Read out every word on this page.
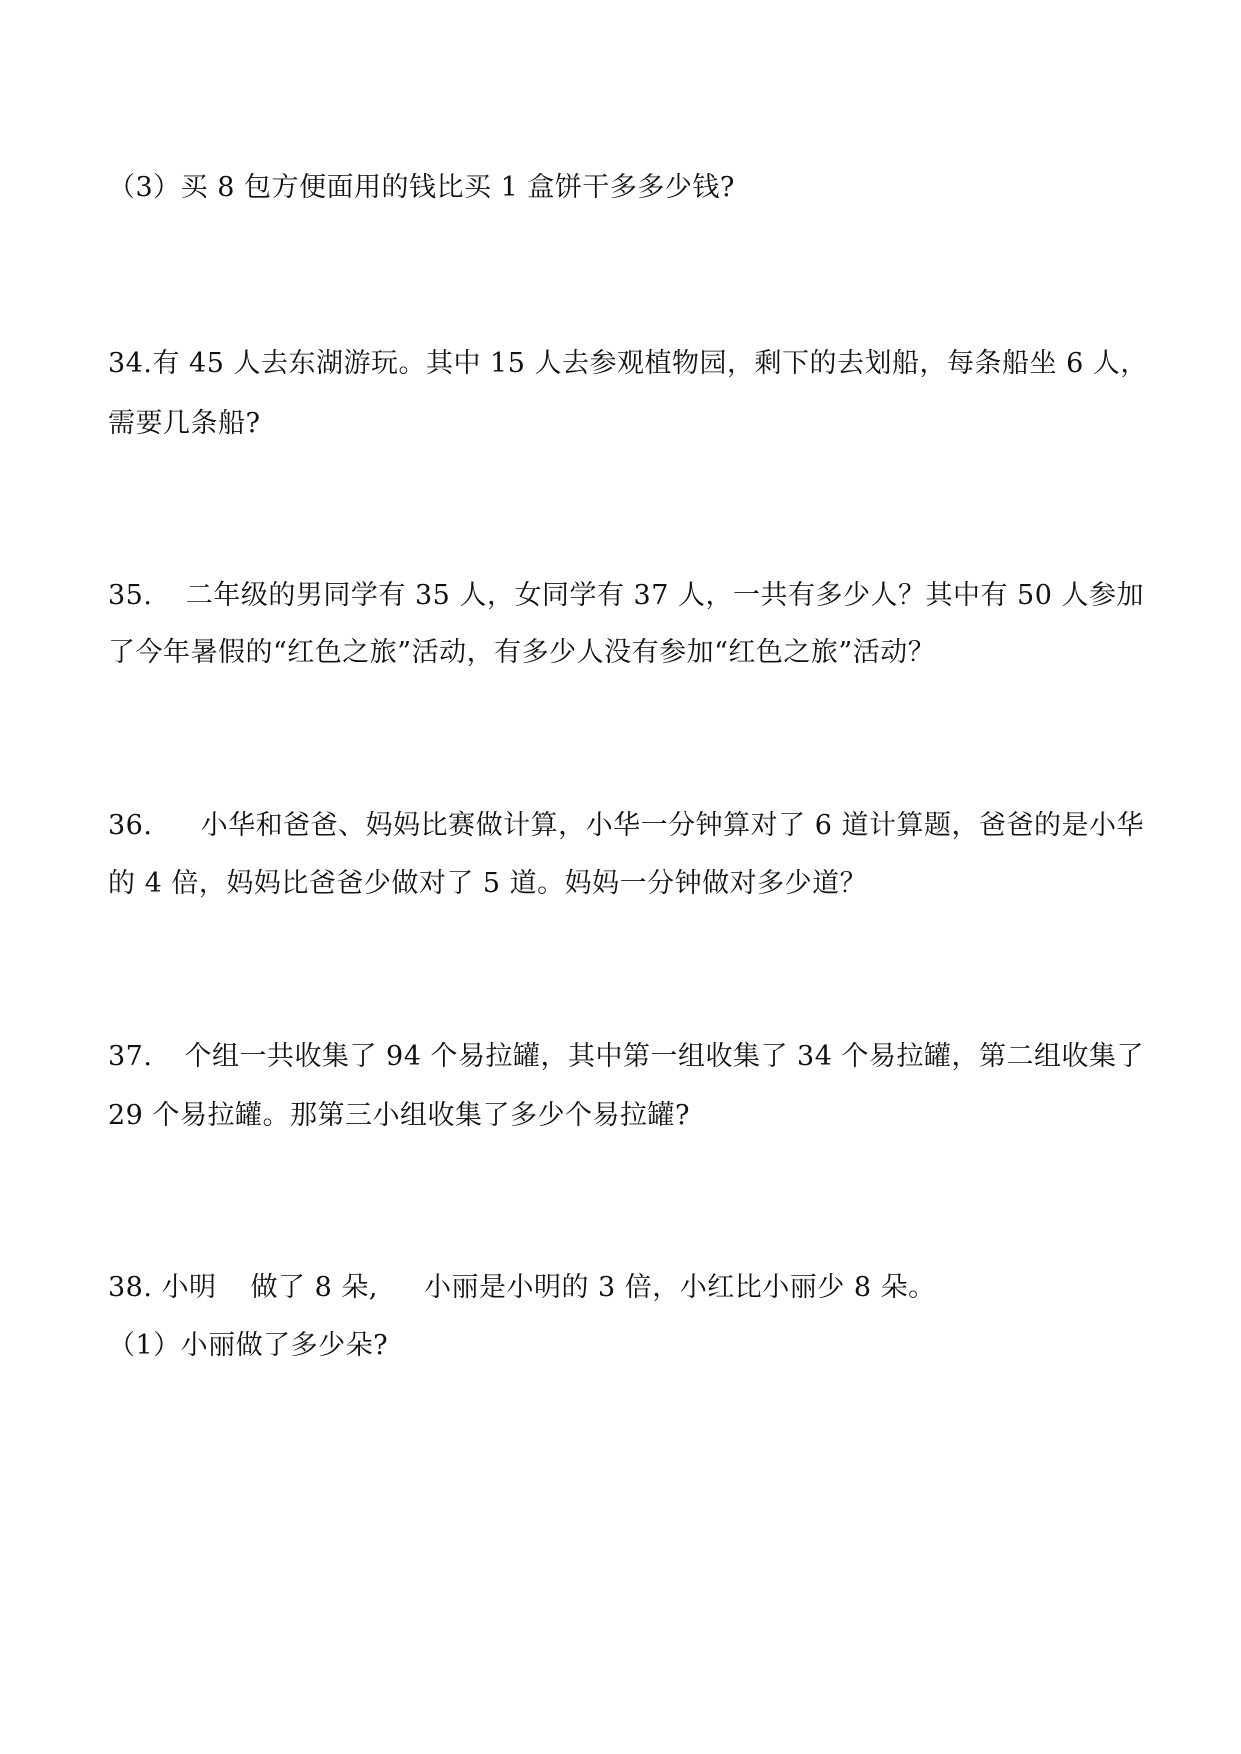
（3）买 8 包方便面用的钱比买 1 盒饼干多多少钱?
34. 有 45 人去东湖游玩。其中 15 人去参观植物园，剩下的去划船，每条船坐 6 人，
需要几条船?
35. 二年级的男同学有 35 人，女同学有 37 人，一共有多少人？其中有 50 人参加
了今年暑假的“红色之旅”活动，有多少人没有参加“红色之旅”活动？
36. 小华和爸爸、妈妈比赛做计算，小华一分钟算对了 6 道计算题，爸爸的是小华
的 4 倍，妈妈比爸爸少做对了 5 道。妈妈一分钟做对多少道？
37. 个组一共收集了 94 个易拉罐，其中第一组收集了 34 个易拉罐，第二组收集了
29 个易拉罐。那第三小组收集了多少个易拉罐?
38. 小明 做了 8 朵, 小丽是小明的 3 倍，小红比小丽少 8 朵。
（1）小丽做了多少朵?
